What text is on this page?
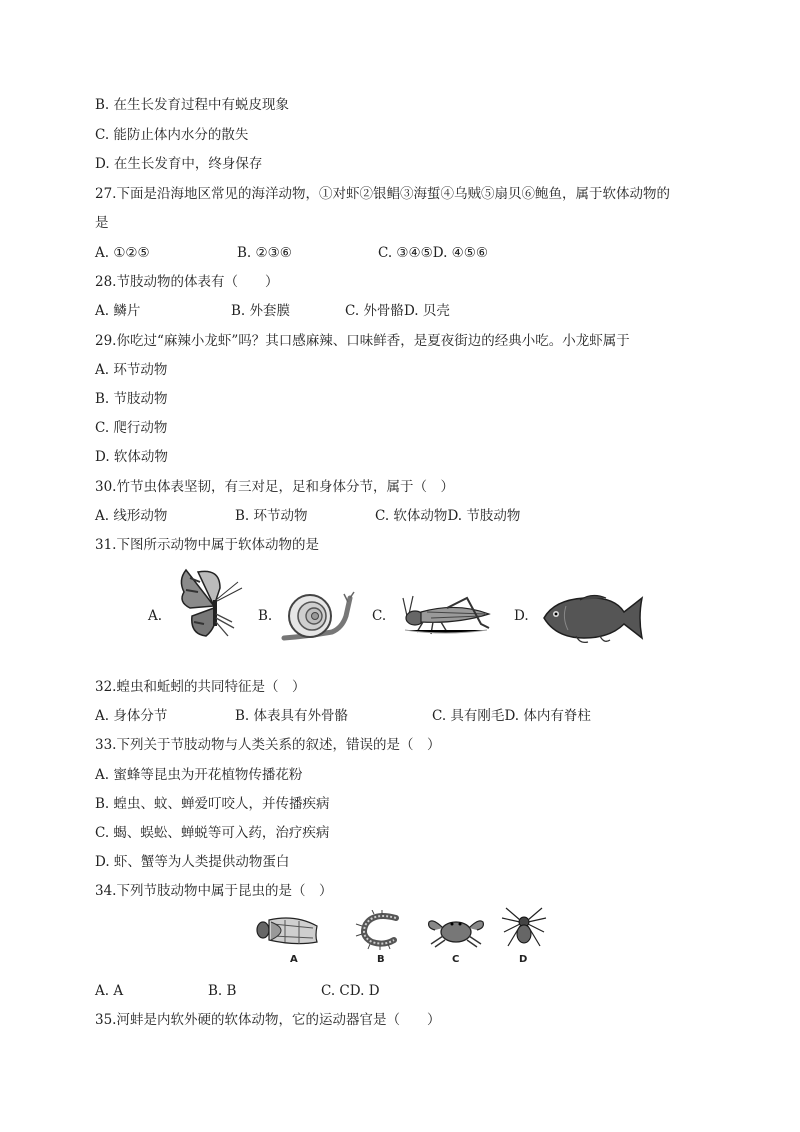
B. 在生长发育过程中有蜕皮现象
C. 能防止体内水分的散失
D. 在生长发育中，终身保存
27.下面是沿海地区常见的海洋动物，①对虾②银鲳③海蜇④乌贼⑤扇贝⑥鲍鱼，属于软体动物的
是
A. ①②⑤	B. ②③⑥	C. ③④⑤D. ④⑤⑥
28.节肢动物的体表有（　　）
A. 鳞片	B. 外套膜	C. 外骨骼D. 贝壳
29.你吃过“麻辣小龙虾”吗？其口感麻辣、口味鲜香，是夏夜街边的经典小吃。小龙虾属于
A. 环节动物
B. 节肢动物
C. 爬行动物
D. 软体动物
30.竹节虫体表坚韧，有三对足，足和身体分节，属于（　）
A. 线形动物	B. 环节动物	C. 软体动物D. 节肢动物
31.下图所示动物中属于软体动物的是
A.	B.	C.	D.
32.蝗虫和蚯蚓的共同特征是（　）
A. 身体分节	B. 体表具有外骨骼	C. 具有刚毛D. 体内有脊柱
33.下列关于节肢动物与人类关系的叙述，错误的是（　）
A. 蜜蜂等昆虫为开花植物传播花粉
B. 蝗虫、蚊、蝉爱叮咬人，并传播疾病
C. 蝎、蜈蚣、蝉蜕等可入药，治疗疾病
D. 虾、蟹等为人类提供动物蛋白
34.下列节肢动物中属于昆虫的是（　）
A	B	C	D
A. A	B. B	C. CD. D
35.河蚌是内软外硬的软体动物，它的运动器官是（　　）
